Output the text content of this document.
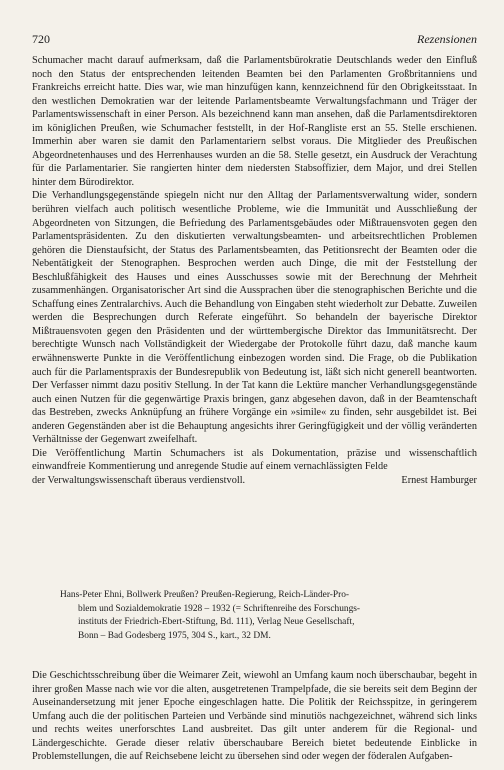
720	Rezensionen

Schumacher macht darauf aufmerksam, daß die Parlamentsbürokratie Deutschlands weder den Einfluß noch den Status der entsprechenden leitenden Beamten bei den Parlamenten Großbritanniens und Frankreichs erreicht hatte. Dies war, wie man hinzufügen kann, kennzeichnend für den Obrigkeitsstaat. In den westlichen Demokratien war der leitende Parlamentsbeamte Verwaltungsfachmann und Träger der Parlamentswissenschaft in einer Person. Als bezeichnend kann man ansehen, daß die Parlamentsdirektoren im königlichen Preußen, wie Schumacher feststellt, in der Hof-Rangliste erst an 55. Stelle erschienen. Immerhin aber waren sie damit den Parlamentariern selbst voraus. Die Mitglieder des Preußischen Abgeordnetenhauses und des Herrenhauses wurden an die 58. Stelle gesetzt, ein Ausdruck der Verachtung für die Parlamentarier. Sie rangierten hinter dem niedersten Stabsoffizier, dem Major, und drei Stellen hinter dem Bürodirektor.

Die Verhandlungsgegenstände spiegeln nicht nur den Alltag der Parlamentsverwaltung wider, sondern berühren vielfach auch politisch wesentliche Probleme, wie die Immunität und Ausschließung der Abgeordneten von Sitzungen, die Befriedung des Parlamentsgebäudes oder Mißtrauensvoten gegen den Parlamentspräsidenten. Zu den diskutierten verwaltungsbeamten- und arbeitsrechtlichen Problemen gehören die Dienstaufsicht, der Status des Parlamentsbeamten, das Petitionsrecht der Beamten oder die Nebentätigkeit der Stenographen. Besprochen werden auch Dinge, die mit der Feststellung der Beschlußfähigkeit des Hauses und eines Ausschusses sowie mit der Berechnung der Mehrheit zusammenhängen. Organisatorischer Art sind die Aussprachen über die stenographischen Berichte und die Schaffung eines Zentralarchivs. Auch die Behandlung von Eingaben steht wiederholt zur Debatte. Zuweilen werden die Besprechungen durch Referate eingeführt. So behandeln der bayerische Direktor Mißtrauensvoten gegen den Präsidenten und der württembergische Direktor das Immunitätsrecht. Der berechtigte Wunsch nach Vollständigkeit der Wiedergabe der Protokolle führt dazu, daß manche kaum erwähnenswerte Punkte in die Veröffentlichung einbezogen worden sind. Die Frage, ob die Publikation auch für die Parlamentspraxis der Bundesrepublik von Bedeutung ist, läßt sich nicht generell beantworten. Der Verfasser nimmt dazu positiv Stellung. In der Tat kann die Lektüre mancher Verhandlungsgegenstände auch einen Nutzen für die gegenwärtige Praxis bringen, ganz abgesehen davon, daß in der Beamtenschaft das Bestreben, zwecks Anknüpfung an frühere Vorgänge ein »simile« zu finden, sehr ausgebildet ist. Bei anderen Gegenständen aber ist die Behauptung angesichts ihrer Geringfügigkeit und der völlig veränderten Verhältnisse der Gegenwart zweifelhaft.

Die Veröffentlichung Martin Schumachers ist als Dokumentation, präzise und wissenschaftlich einwandfreie Kommentierung und anregende Studie auf einem vernachlässigten Felde

der Verwaltungswissenschaft überaus verdienstvoll.	Ernest Hamburger
Hans-Peter Ehni, Bollwerk Preußen? Preußen-Regierung, Reich-Länder-Pro-
blem und Sozialdemokratie 1928 – 1932 (= Schriftenreihe des Forschungs-
instituts der Friedrich-Ebert-Stiftung, Bd. 111), Verlag Neue Gesellschaft,
Bonn – Bad Godesberg 1975, 304 S., kart., 32 DM.

Die Geschichtsschreibung über die Weimarer Zeit, wiewohl an Umfang kaum noch überschaubar, begeht in ihrer großen Masse nach wie vor die alten, ausgetretenen Trampelpfade, die sie bereits seit dem Beginn der Auseinandersetzung mit jener Epoche eingeschlagen hatte. Die Politik der Reichsspitze, in geringerem Umfang auch die der politischen Parteien und Verbände sind minutiös nachgezeichnet, während sich links und rechts weites unerforschtes Land ausbreitet. Das gilt unter anderem für die Regional- und Ländergeschichte. Gerade dieser relativ überschaubare Bereich bietet bedeutende Einblicke in Problemstellungen, die auf Reichsebene leicht zu übersehen sind oder wegen der föderalen Aufgaben-
